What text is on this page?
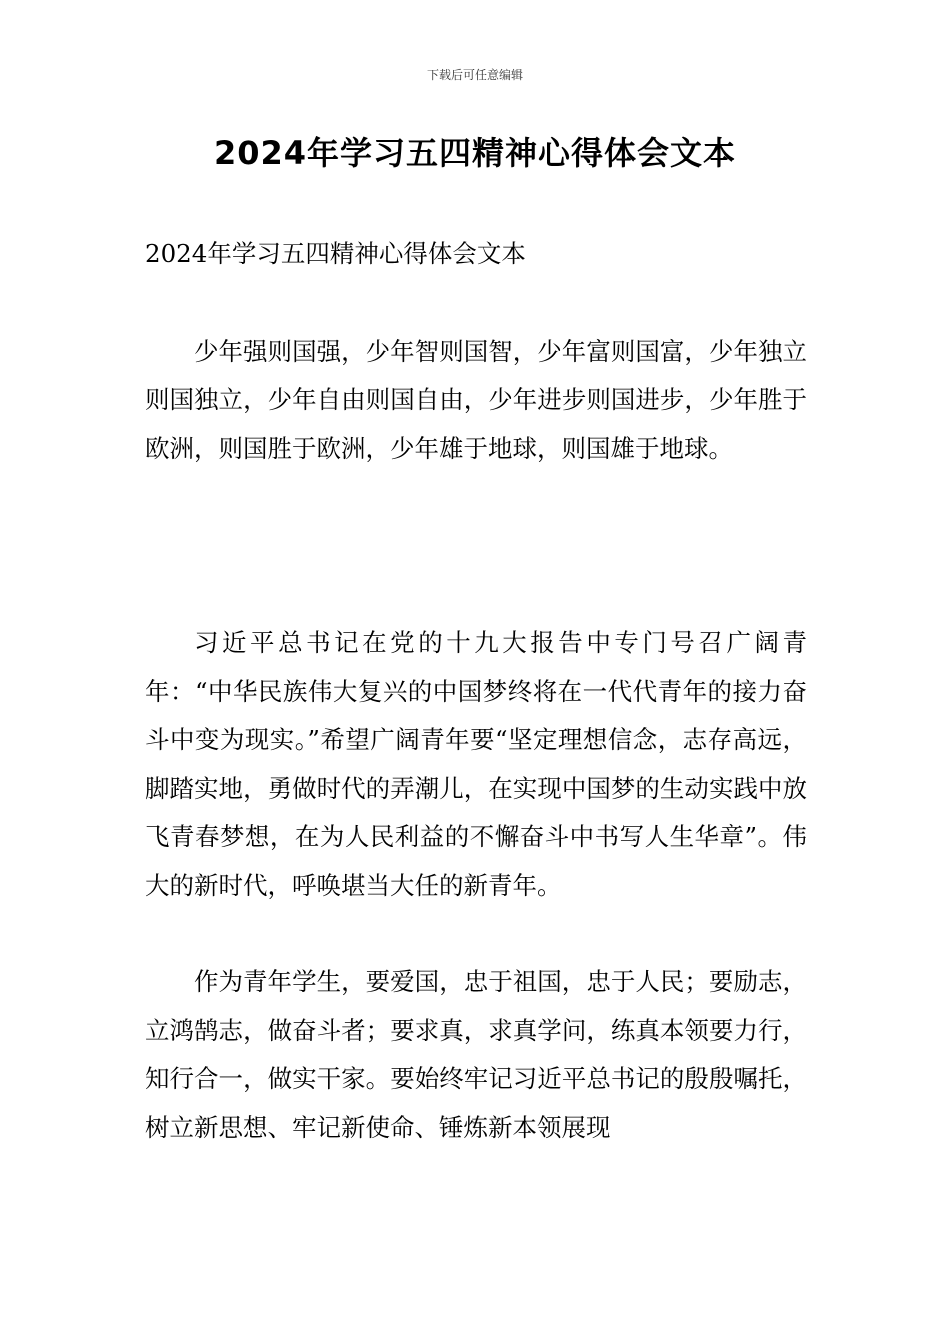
下载后可任意编辑
2024年学习五四精神心得体会文本

2024年学习五四精神心得体会文本

少年强则国强，少年智则国智，少年富则国富，少年独立则国独立，少年自由则国自由，少年进步则国进步，少年胜于欧洲，则国胜于欧洲，少年雄于地球，则国雄于地球。

习近平总书记在党的十九大报告中专门号召广阔青年：“中华民族伟大复兴的中国梦终将在一代代青年的接力奋斗中变为现实。”希望广阔青年要“坚定理想信念，志存高远，脚踏实地，勇做时代的弄潮儿，在实现中国梦的生动实践中放飞青春梦想，在为人民利益的不懈奋斗中书写人生华章”。伟大的新时代，呼唤堪当大任的新青年。

作为青年学生，要爱国，忠于祖国，忠于人民；要励志，立鸿鹄志，做奋斗者；要求真，求真学问，练真本领要力行，知行合一，做实干家。要始终牢记习近平总书记的殷殷嘱托，树立新思想、牢记新使命、锤炼新本领展现
